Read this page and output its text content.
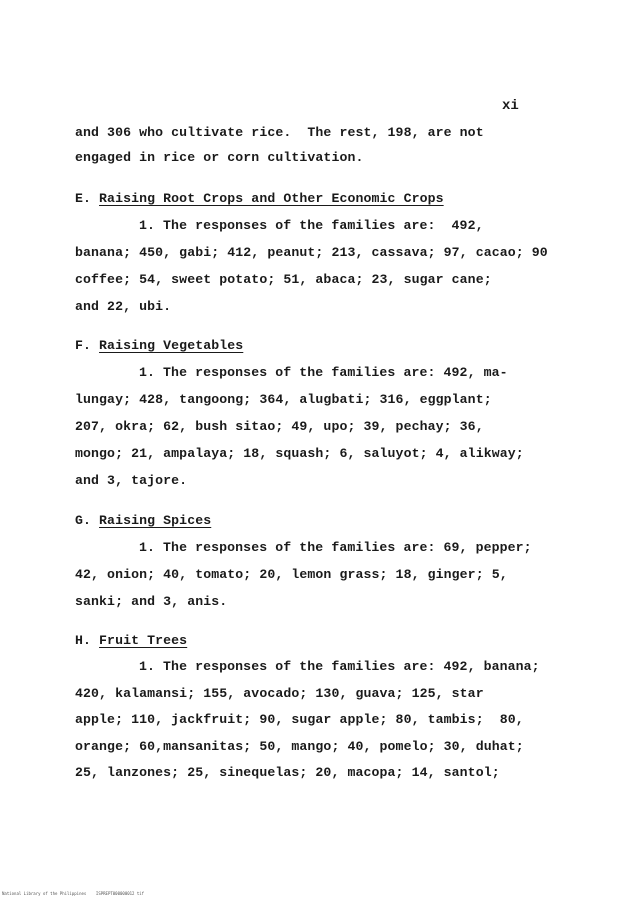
xi
and 306 who cultivate rice.  The rest, 198, are not
engaged in rice or corn cultivation.
E. Raising Root Crops and Other Economic Crops
1. The responses of the families are:  492,
banana; 450, gabi; 412, peanut; 213, cassava; 97, cacao; 90
coffee; 54, sweet potato; 51, abaca; 23, sugar cane;
and 22, ubi.
F. Raising Vegetables
1. The responses of the families are: 492, ma-
lungay; 428, tangoong; 364, alugbati; 316, eggplant;
207, okra; 62, bush sitao; 49, upo; 39, pechay; 36,
mongo; 21, ampalaya; 18, squash; 6, saluyot; 4, alikway;
and 3, tajore.
G. Raising Spices
1. The responses of the families are: 69, pepper;
42, onion; 40, tomato; 20, lemon grass; 18, ginger; 5,
sanki; and 3, anis.
H. Fruit Trees
1. The responses of the families are: 492, banana;
420, kalamansi; 155, avocado; 130, guava; 125, star
apple; 110, jackfruit; 90, sugar apple; 80, tambis;  80,
orange; 60,mansanitas; 50, mango; 40, pomelo; 30, duhat;
25, lanzones; 25, sinequelas; 20, macopa; 14, santol;
National Library of the Philippines    ISPREPT000000012 tif
